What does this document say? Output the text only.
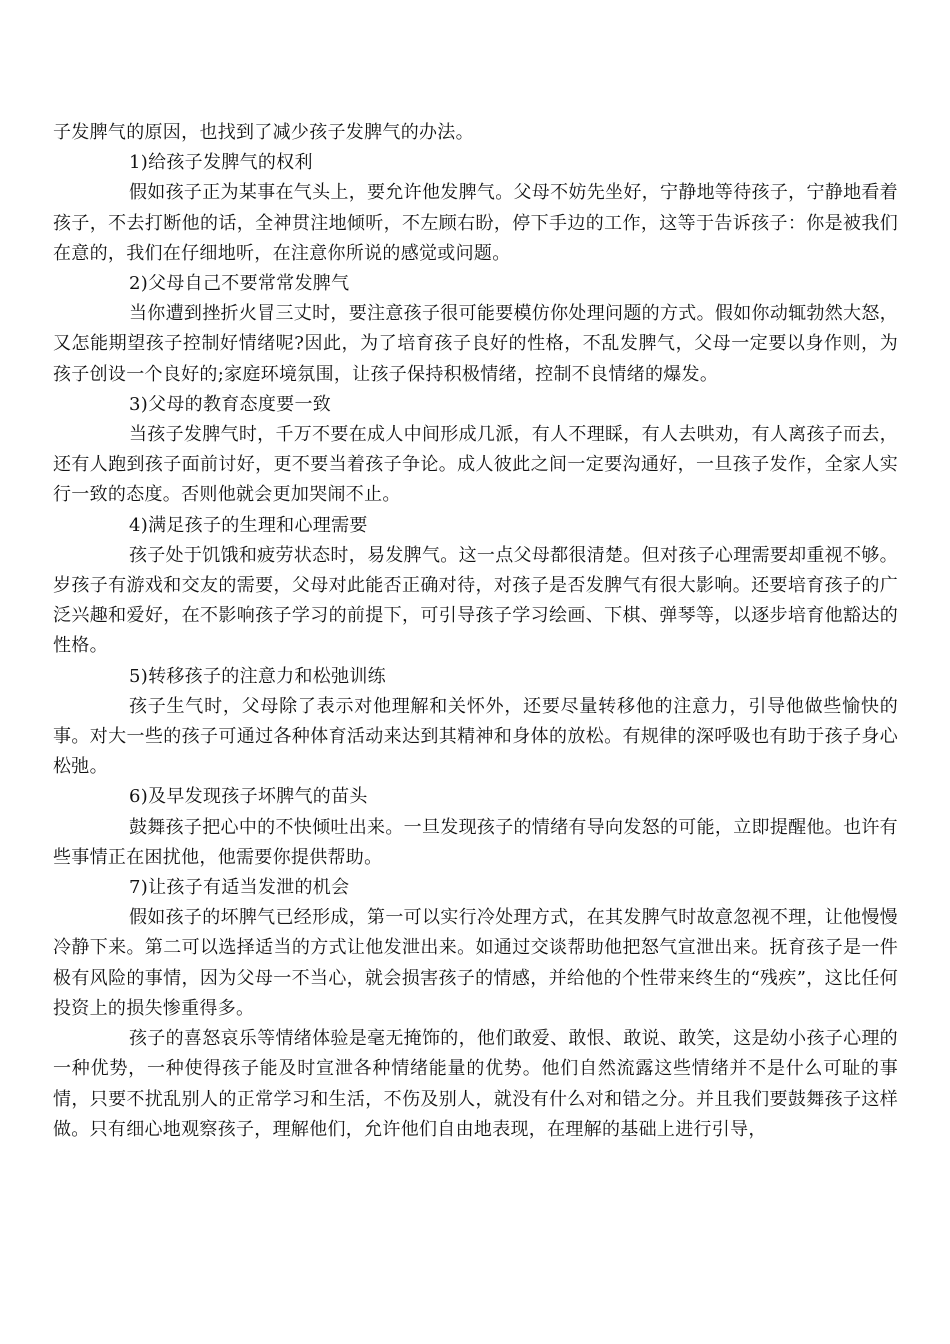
子发脾气的原因，也找到了减少孩子发脾气的办法。

1)给孩子发脾气的权利

假如孩子正为某事在气头上，要允许他发脾气。父母不妨先坐好，宁静地等待孩子，宁静地看着孩子，不去打断他的话，全神贯注地倾听，不左顾右盼，停下手边的工作，这等于告诉孩子：你是被我们在意的，我们在仔细地听，在注意你所说的感觉或问题。

2)父母自己不要常常发脾气

当你遭到挫折火冒三丈时，要注意孩子很可能要模仿你处理问题的方式。假如你动辄勃然大怒，又怎能期望孩子控制好情绪呢?因此，为了培育孩子良好的性格，不乱发脾气，父母一定要以身作则，为孩子创设一个良好的;家庭环境氛围，让孩子保持积极情绪，控制不良情绪的爆发。

3)父母的教育态度要一致

当孩子发脾气时，千万不要在成人中间形成几派，有人不理睬，有人去哄劝，有人离孩子而去，还有人跑到孩子面前讨好，更不要当着孩子争论。成人彼此之间一定要沟通好，一旦孩子发作，全家人实行一致的态度。否则他就会更加哭闹不止。

4)满足孩子的生理和心理需要

孩子处于饥饿和疲劳状态时，易发脾气。这一点父母都很清楚。但对孩子心理需要却重视不够。岁孩子有游戏和交友的需要，父母对此能否正确对待，对孩子是否发脾气有很大影响。还要培育孩子的广泛兴趣和爱好，在不影响孩子学习的前提下，可引导孩子学习绘画、下棋、弹琴等，以逐步培育他豁达的性格。

5)转移孩子的注意力和松弛训练

孩子生气时，父母除了表示对他理解和关怀外，还要尽量转移他的注意力，引导他做些愉快的事。对大一些的孩子可通过各种体育活动来达到其精神和身体的放松。有规律的深呼吸也有助于孩子身心松弛。

6)及早发现孩子坏脾气的苗头

鼓舞孩子把心中的不快倾吐出来。一旦发现孩子的情绪有导向发怒的可能，立即提醒他。也许有些事情正在困扰他，他需要你提供帮助。

7)让孩子有适当发泄的机会

假如孩子的坏脾气已经形成，第一可以实行冷处理方式，在其发脾气时故意忽视不理，让他慢慢冷静下来。第二可以选择适当的方式让他发泄出来。如通过交谈帮助他把怒气宣泄出来。抚育孩子是一件极有风险的事情，因为父母一不当心，就会损害孩子的情感，并给他的个性带来终生的“残疾”，这比任何投资上的损失惨重得多。

孩子的喜怒哀乐等情绪体验是毫无掩饰的，他们敢爱、敢恨、敢说、敢笑，这是幼小孩子心理的一种优势，一种使得孩子能及时宣泄各种情绪能量的优势。他们自然流露这些情绪并不是什么可耻的事情，只要不扰乱别人的正常学习和生活，不伤及别人，就没有什么对和错之分。并且我们要鼓舞孩子这样做。只有细心地观察孩子，理解他们，允许他们自由地表现，在理解的基础上进行引导，
